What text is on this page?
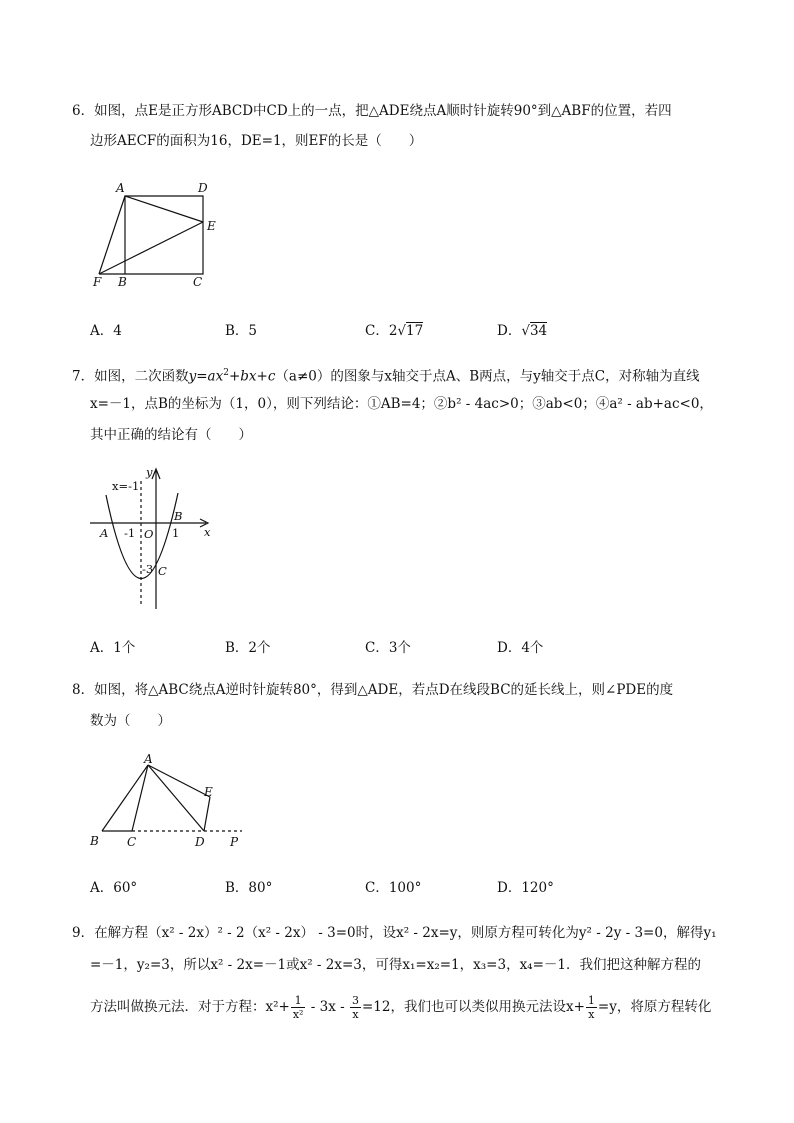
6．如图，点E是正方形ABCD中CD上的一点，把△ADE绕点A顺时针旋转90°到△ABF的位置，若四
边形AECF的面积为16，DE=1，则EF的长是（　　）
A	D
E
F B	C
A．4	B．5	C．2√17	D．√34
7．如图，二次函数$y=ax^2+bx+c(a\ne 0)$的图象与x轴交于点A、B两点，与y轴交于点C，对称轴为直线
x=－1，点B的坐标为（1，0），则下列结论：①AB=4；②b² - 4ac>0；③ab<0；④a² - ab+ac<0，
其中正确的结论有（　　）
x=-1
y
x
A -1 O
B
1
-3 C
A．1个	B．2个	C．3个	D．4个
8．如图，将△ABC绕点A逆时针旋转80°，得到△ADE，若点D在线段BC的延长线上，则∠PDE的度
数为（　　）
A
E
B C	D P
A．60°	B．80°	C．100°	D．120°
9．在解方程（x² - 2x）² - 2（x² - 2x） - 3=0时，设x² - 2x=y，则原方程可转化为y² - 2y - 3=0，解得y₁
=－1，y₂=3，所以x² - 2x=－1或x² - 2x=3，可得x₁=x₂=1，x₃=3，x₄=－1．我们把这种解方程的
方法叫做换元法．对于方程：$x^2+ \frac{1}{\text{x²}} - 3x - \frac{3}{x} =12$，我们也可以类似用换元法设$x+ \frac{1}{x} =y$，将原方程转化
